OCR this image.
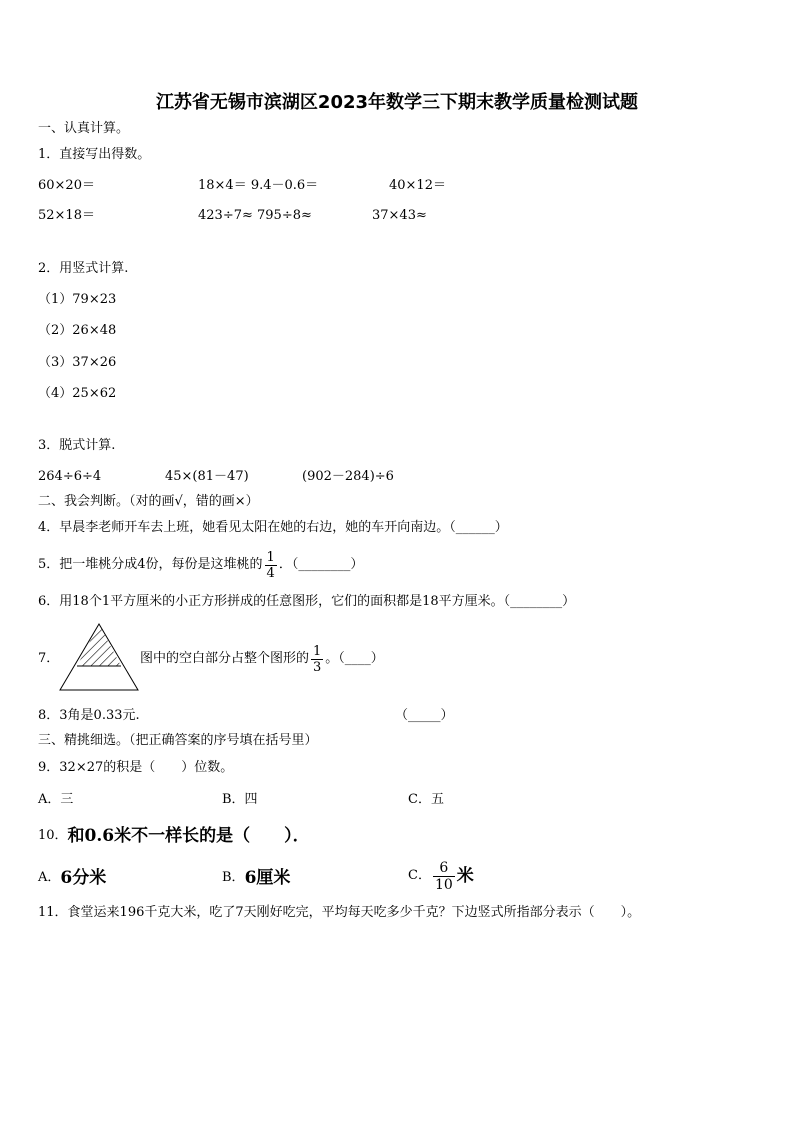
江苏省无锡市滨湖区2023年数学三下期末教学质量检测试题
一、认真计算。
1．直接写出得数。
60×20＝	18×4＝ 9.4－0.6＝	40×12＝
52×18＝	423÷7≈ 795÷8≈	37×43≈
2．用竖式计算.
（1）79×23
（2）26×48
（3）37×26
（4）25×62
3．脱式计算.
264÷6÷4	45×(81－47)	(902－284)÷6
二、我会判断。（对的画√，错的画×）
4．早晨李老师开车去上班，她看见太阳在她的右边，她的车开向南边。（______）
5．把一堆桃分成4份，每份是这堆桃的 $\frac{1}{4}$ ．（________）
6．用18个1平方厘米的小正方形拼成的任意图形，它们的面积都是18平方厘米。（________）
7．	图中的空白部分占整个图形的 $\frac{1}{3}$ 。（____）
8．3角是0.33元.	（_____）
三、精挑细选。（把正确答案的序号填在括号里）
9．32×27的积是（　　）位数。
A．三	B．四	C．五
10． 和0.6米不一样长的是（　　）．
A． 6分米	B． 6厘米	C． $\frac{6}{10}$ 米
11．食堂运来196千克大米，吃了7天刚好吃完，平均每天吃多少千克？下边竖式所指部分表示（　　）。
